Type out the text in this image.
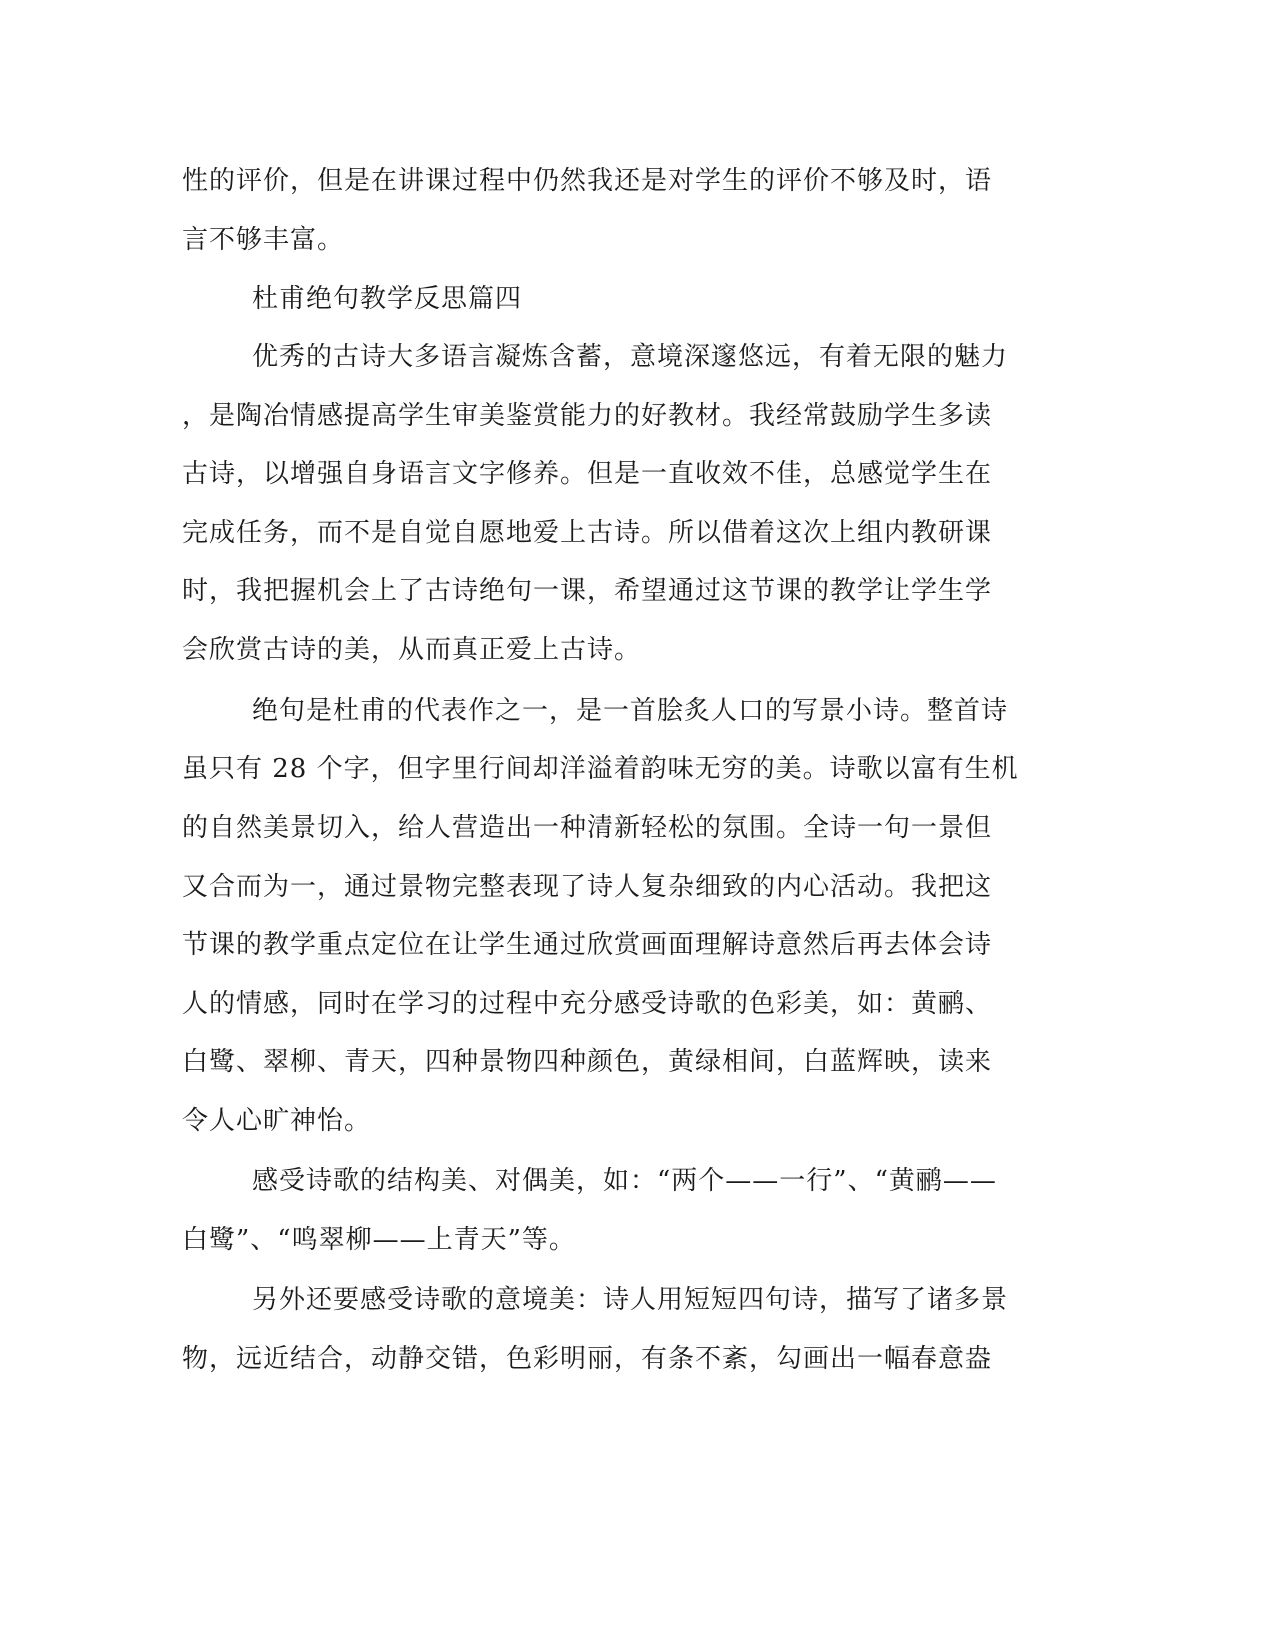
性的评价，但是在讲课过程中仍然我还是对学生的评价不够及时，语
言不够丰富。
杜甫绝句教学反思篇四
优秀的古诗大多语言凝炼含蓄，意境深邃悠远，有着无限的魅力
，是陶冶情感提高学生审美鉴赏能力的好教材。我经常鼓励学生多读
古诗，以增强自身语言文字修养。但是一直收效不佳，总感觉学生在
完成任务，而不是自觉自愿地爱上古诗。所以借着这次上组内教研课
时，我把握机会上了古诗绝句一课，希望通过这节课的教学让学生学
会欣赏古诗的美，从而真正爱上古诗。
绝句是杜甫的代表作之一，是一首脍炙人口的写景小诗。整首诗
虽只有 28 个字，但字里行间却洋溢着韵味无穷的美。诗歌以富有生机
的自然美景切入，给人营造出一种清新轻松的氛围。全诗一句一景但
又合而为一，通过景物完整表现了诗人复杂细致的内心活动。我把这
节课的教学重点定位在让学生通过欣赏画面理解诗意然后再去体会诗
人的情感，同时在学习的过程中充分感受诗歌的色彩美，如：黄鹂、
白鹭、翠柳、青天，四种景物四种颜色，黄绿相间，白蓝辉映，读来
令人心旷神怡。
感受诗歌的结构美、对偶美，如：“两个——一行”、“黄鹂——
白鹭”、“鸣翠柳——上青天”等。
另外还要感受诗歌的意境美：诗人用短短四句诗，描写了诸多景
物，远近结合，动静交错，色彩明丽，有条不紊，勾画出一幅春意盎
